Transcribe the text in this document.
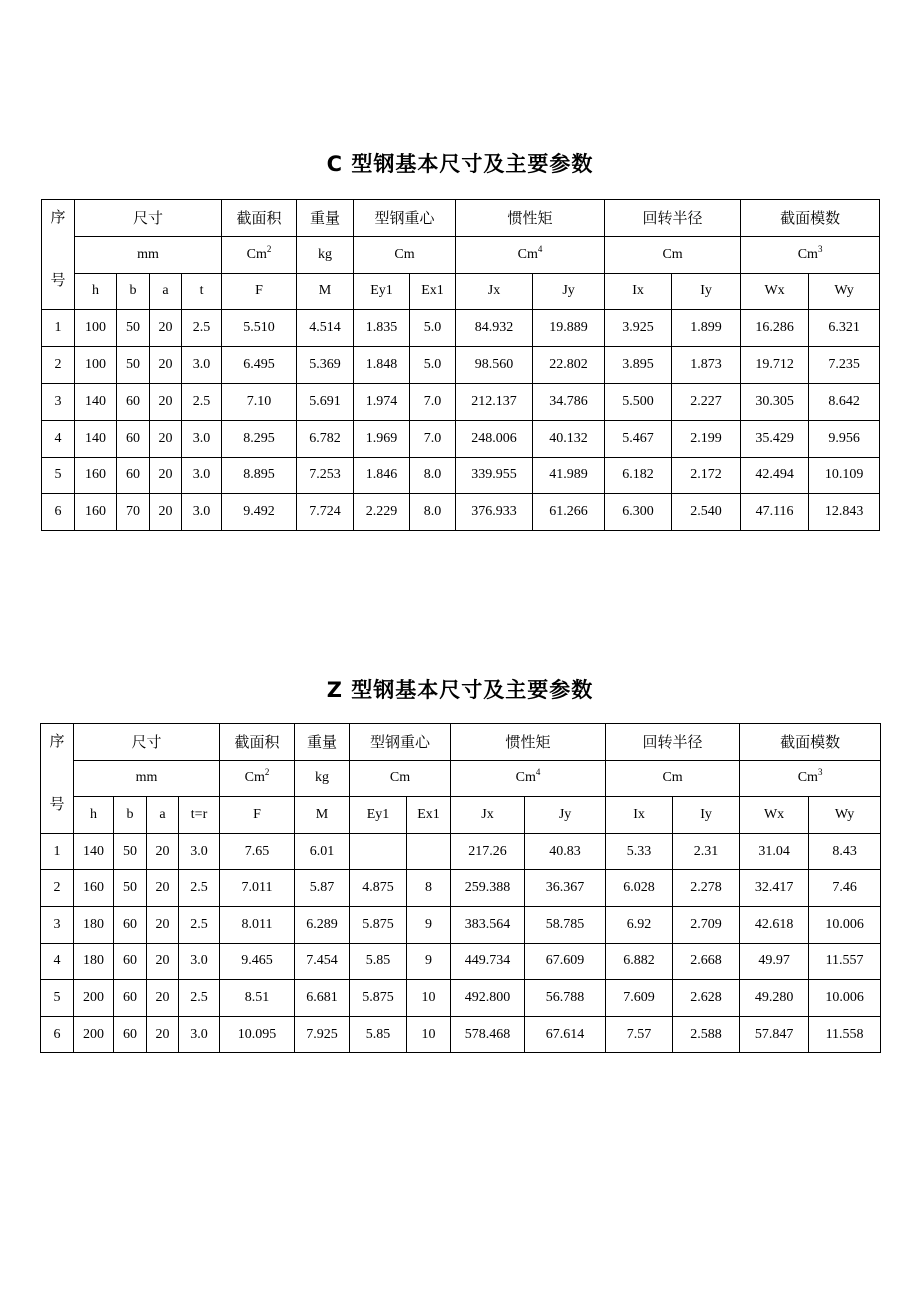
C 型钢基本尺寸及主要参数
序
号	尺寸				截面积	重量	型钢重心		惯性矩		回转半径		截面模数	
	mm				Cm$^2$	kg	Cm		Cm$^4$		Cm		Cm$^3$
	h	b	a	t	F	M	Ey1	Ex1	Jx	Jy	Ix	Iy	Wx	Wy
1	100	50	20	2.5	5.510	4.514	1.835	5.0	84.932	19.889	3.925	1.899	16.286	6.321
2	100	50	20	3.0	6.495	5.369	1.848	5.0	98.560	22.802	3.895	1.873	19.712	7.235
3	140	60	20	2.5	7.10	5.691	1.974	7.0	212.137	34.786	5.500	2.227	30.305	8.642
4	140	60	20	3.0	8.295	6.782	1.969	7.0	248.006	40.132	5.467	2.199	35.429	9.956
5	160	60	20	3.0	8.895	7.253	1.846	8.0	339.955	41.989	6.182	2.172	42.494	10.109
6	160	70	20	3.0	9.492	7.724	2.229	8.0	376.933	61.266	6.300	2.540	47.116	12.843
Z 型钢基本尺寸及主要参数
序
号	尺寸				截面积	重量	型钢重心		惯性矩		回转半径		截面模数	
	mm				Cm$^2$	kg	Cm		Cm$^4$		Cm		Cm$^3$
	h	b	a	t=r	F	M	Ey1	Ex1	Jx	Jy	Ix	Iy	Wx	Wy
1	140	50	20	3.0	7.65	6.01			217.26	40.83	5.33	2.31	31.04	8.43
2	160	50	20	2.5	7.011	5.87	4.875	8	259.388	36.367	6.028	2.278	32.417	7.46
3	180	60	20	2.5	8.011	6.289	5.875	9	383.564	58.785	6.92	2.709	42.618	10.006
4	180	60	20	3.0	9.465	7.454	5.85	9	449.734	67.609	6.882	2.668	49.97	11.557
5	200	60	20	2.5	8.51	6.681	5.875	10	492.800	56.788	7.609	2.628	49.280	10.006
6	200	60	20	3.0	10.095	7.925	5.85	10	578.468	67.614	7.57	2.588	57.847	11.558
